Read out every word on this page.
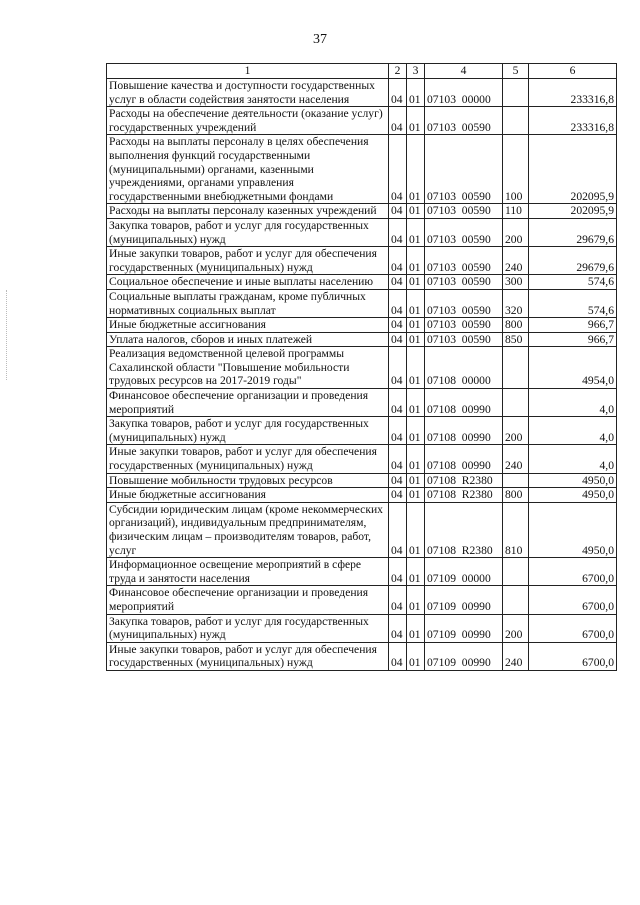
37
1	2	3	4	5	6
Повышение качества и доступности государственных услуг в области содействия занятости населения	04	01	07103  00000		233316,8
Расходы на обеспечение деятельности (оказание услуг) государственных учреждений	04	01	07103  00590		233316,8
Расходы на выплаты персоналу в целях обеспечения выполнения функций государственными (муниципальными) органами, казенными учреждениями, органами управления государственными внебюджетными фондами	04	01	07103  00590	100	202095,9
Расходы на выплаты персоналу казенных учреждений	04	01	07103  00590	110	202095,9
Закупка товаров, работ и услуг для государственных (муниципальных) нужд	04	01	07103  00590	200	29679,6
Иные закупки товаров, работ и услуг для обеспечения государственных (муниципальных) нужд	04	01	07103  00590	240	29679,6
Социальное обеспечение и иные выплаты населению	04	01	07103  00590	300	574,6
Социальные выплаты гражданам, кроме публичных нормативных социальных выплат	04	01	07103  00590	320	574,6
Иные бюджетные ассигнования	04	01	07103  00590	800	966,7
Уплата налогов, сборов и иных платежей	04	01	07103  00590	850	966,7
Реализация ведомственной целевой программы Сахалинской области "Повышение мобильности трудовых ресурсов на 2017-2019 годы"	04	01	07108  00000		4954,0
Финансовое обеспечение организации и проведения мероприятий	04	01	07108  00990		4,0
Закупка товаров, работ и услуг для государственных (муниципальных) нужд	04	01	07108  00990	200	4,0
Иные закупки товаров, работ и услуг для обеспечения государственных (муниципальных) нужд	04	01	07108  00990	240	4,0
Повышение мобильности трудовых ресурсов	04	01	07108  R2380		4950,0
Иные бюджетные ассигнования	04	01	07108  R2380	800	4950,0
Субсидии юридическим лицам (кроме некоммерческих организаций), индивидуальным предпринимателям, физическим лицам – производителям товаров, работ, услуг	04	01	07108  R2380	810	4950,0
Информационное освещение мероприятий в сфере труда и занятости населения	04	01	07109  00000		6700,0
Финансовое обеспечение организации и проведения мероприятий	04	01	07109  00990		6700,0
Закупка товаров, работ и услуг для государственных (муниципальных) нужд	04	01	07109  00990	200	6700,0
Иные закупки товаров, работ и услуг для обеспечения государственных (муниципальных) нужд	04	01	07109  00990	240	6700,0
